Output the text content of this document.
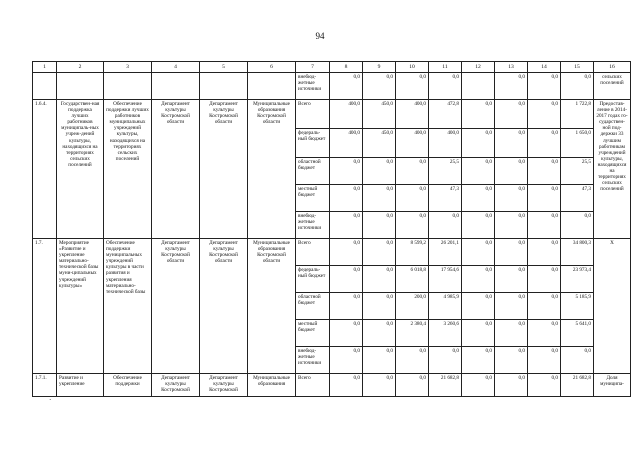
94
1	2	3	4	5	6	7	8	9	10	11	12	13	14	15	16
						внебюд-жетные источники	0,0	0,0	0,0	0,0		0,0	0,0	0,0	сельских поселений
1.6.4.	Государствен-ная поддержка лучших работников муниципаль-ных учреж-дений культуры, находящихся на территориях сельских поселений	Обеспечение поддержки лучших работников муниципальных учреждений культуры, находящихся на территориях сельских поселений	Департамент культуры Костромской области	Департамент культуры Костромской области	Муниципальные образования Костромской области	Всего	400,0	450,0	400,0	472,8	0,0	0,0	0,0	1 722,8	Предостав-ление в 2014-2017 годах го-сударствен-ной под-держки 33 лучшим работникам учреждений культуры, находящихся на территориях сельских поселений
						федераль-ный бюджет	400,0	450,0	400,0	400,0	0,0	0,0	0,0	1 650,0	
						областной бюджет	0,0	0,0	0,0	25,5	0,0	0,0	0,0	25,5	
						местный бюджет	0,0	0,0	0,0	47,3	0,0	0,0	0,0	47,3	
						внебюд-жетные источники	0,0	0,0	0,0	0,0	0,0	0,0	0,0	0,0	
1.7.	Мероприятие «Развитие и укрепление материально-технической базы муни-ципальных учреждений культуры»	Обеспечение поддержки муниципальных учреждений культуры в части развития и укрепления материально-технической базы	Департамент культуры Костромской области	Департамент культуры Костромской области	Муниципальные образования Костромской области	Всего	0,0	0,0	8 599,2	26 201,1	0,0	0,0	0,0	34 800,3	Х
						федераль-ный бюджет	0,0	0,0	6 018,8	17 954,6	0,0	0,0	0,0	23 973,4	
						областной бюджет	0,0	0,0	200,0	4 985,9	0,0	0,0	0,0	5 185,9	
						местный бюджет	0,0	0,0	2 380,4	3 260,6	0,0	0,0	0,0	5 641,0	
						внебюд-жетные источники	0,0	0,0	0,0	0,0	0,0	0,0	0,0	0,0	
1.7.1.	Развитие и укрепление	Обеспечение поддержки	Департамент культуры Костромской	Департамент культуры Костромской	Муниципальные образования	Всего	0,0	0,0	0,0	21 682,8	0,0	0,0	0,0	21 682,8	Доля муниципа-
·
